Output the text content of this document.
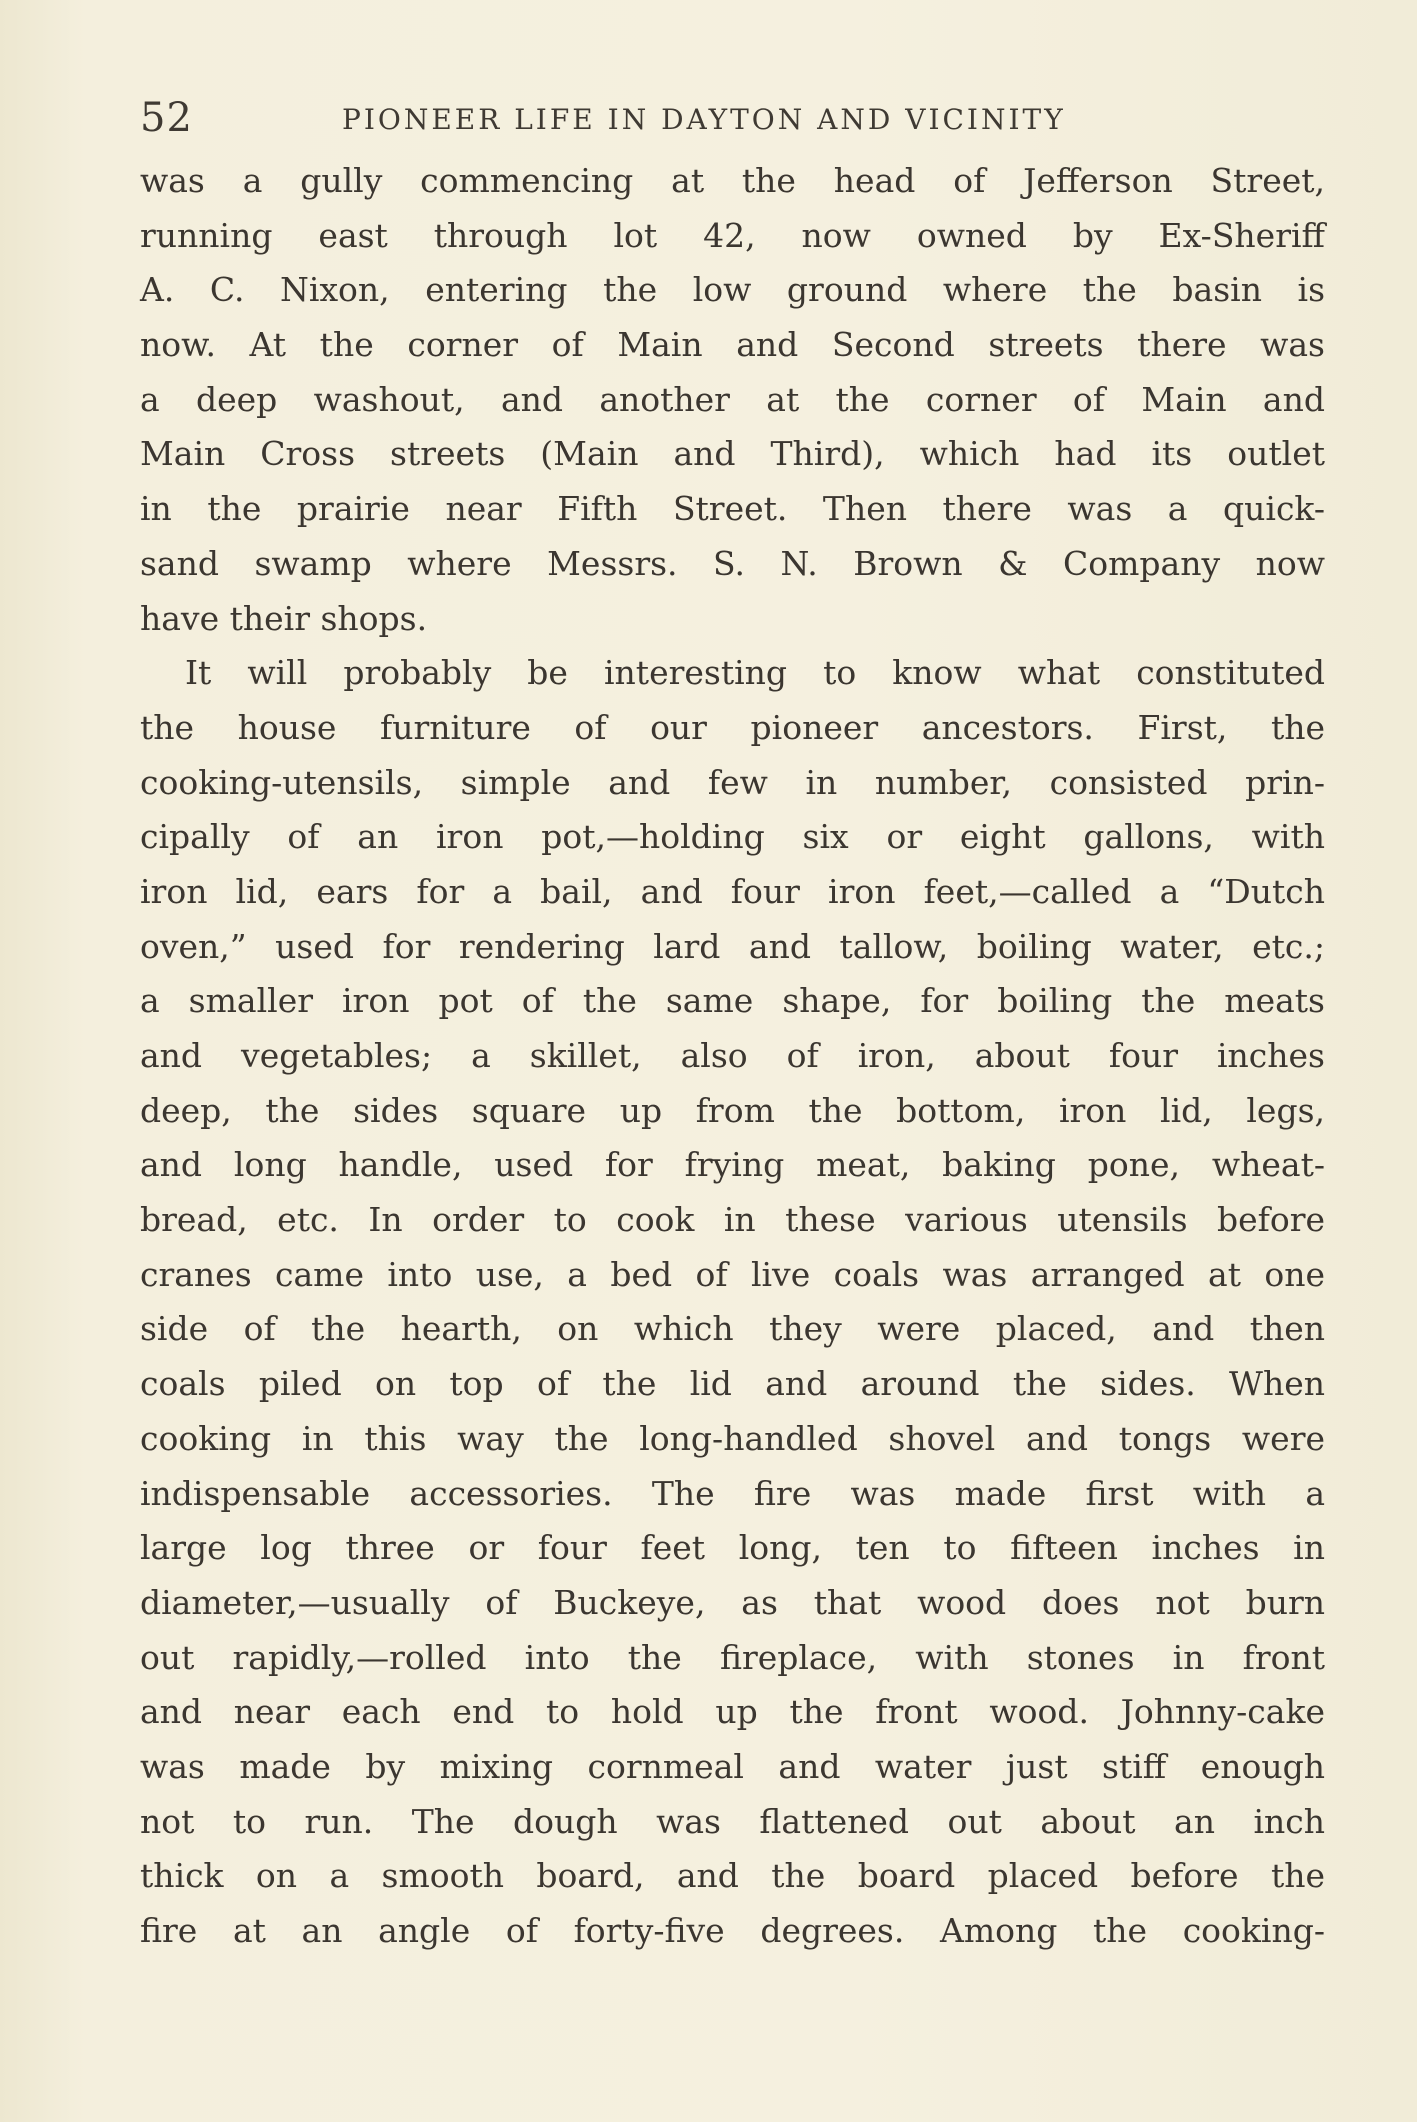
52	PIONEER LIFE IN DAYTON AND VICINITY
was a gully commencing at the head of Jefferson Street,
running east through lot 42, now owned by Ex-Sheriff
A. C. Nixon, entering the low ground where the basin is
now. At the corner of Main and Second streets there was
a deep washout, and another at the corner of Main and
Main Cross streets (Main and Third), which had its outlet
in the prairie near Fifth Street. Then there was a quick-
sand swamp where Messrs. S. N. Brown & Company now
have their shops.
It will probably be interesting to know what constituted
the house furniture of our pioneer ancestors. First, the
cooking-utensils, simple and few in number, consisted prin-
cipally of an iron pot,—holding six or eight gallons, with
iron lid, ears for a bail, and four iron feet,—called a “Dutch
oven,” used for rendering lard and tallow, boiling water, etc.;
a smaller iron pot of the same shape, for boiling the meats
and vegetables; a skillet, also of iron, about four inches
deep, the sides square up from the bottom, iron lid, legs,
and long handle, used for frying meat, baking pone, wheat-
bread, etc. In order to cook in these various utensils before
cranes came into use, a bed of live coals was arranged at one
side of the hearth, on which they were placed, and then
coals piled on top of the lid and around the sides. When
cooking in this way the long-handled shovel and tongs were
indispensable accessories. The fire was made first with a
large log three or four feet long, ten to fifteen inches in
diameter,—usually of Buckeye, as that wood does not burn
out rapidly,—rolled into the fireplace, with stones in front
and near each end to hold up the front wood. Johnny-cake
was made by mixing cornmeal and water just stiff enough
not to run. The dough was flattened out about an inch
thick on a smooth board, and the board placed before the
fire at an angle of forty-five degrees. Among the cooking-
